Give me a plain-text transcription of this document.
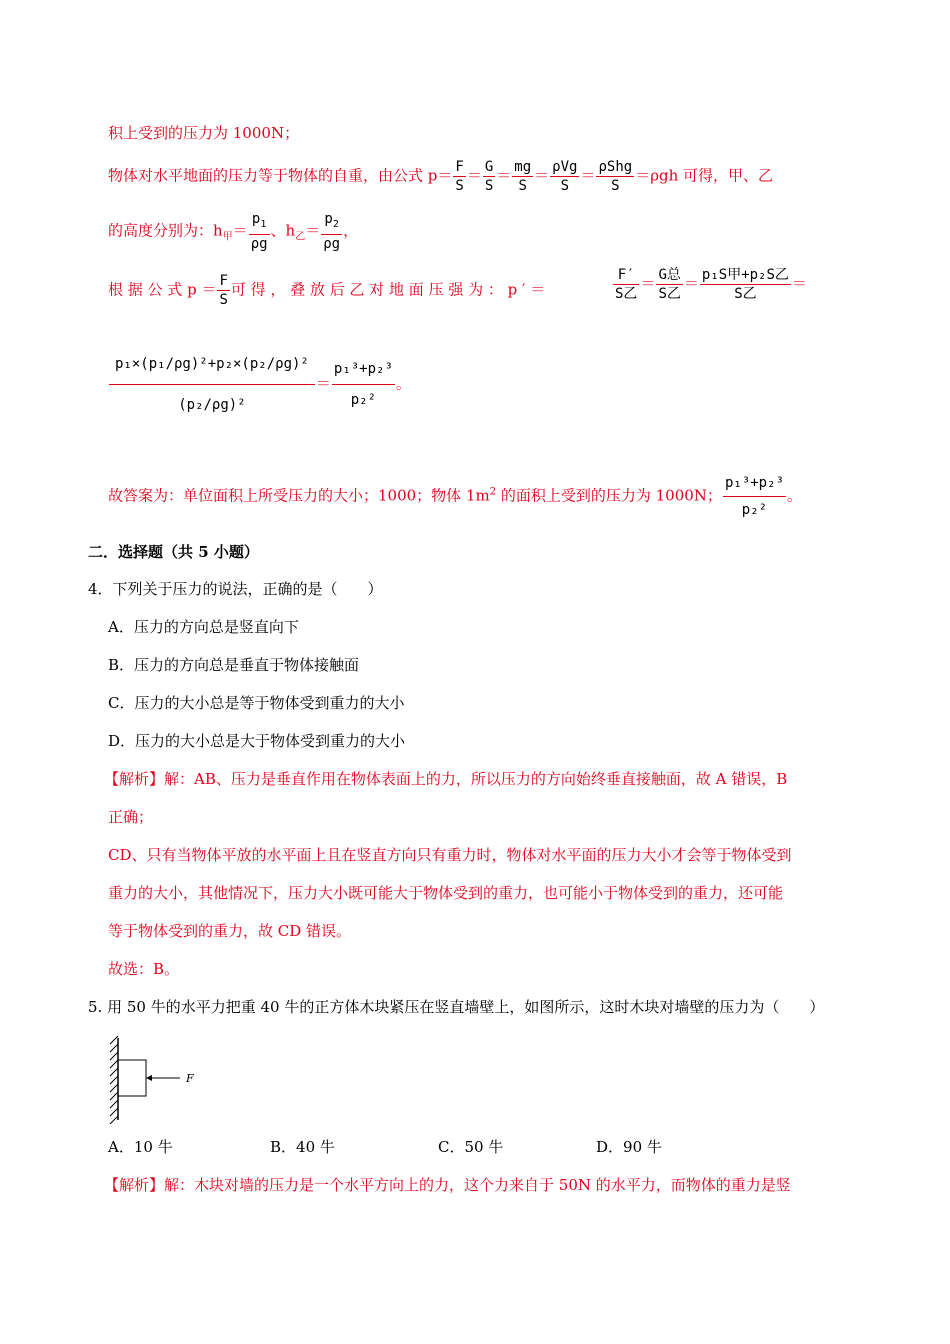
积上受到的压力为 1000N；
物体对水平地面的压力等于物体的自重，由公式 $p= \frac{F}{S} = \frac{G}{S} = \frac{mg}{S} = \frac{\text{ρVg}}{S} = \frac{\text{ρShg}}{S} =\rho gh$ 可得，甲、乙
的高度分别为：$h_甲= \frac{p_1}{\rho g}$ 、$h_乙= \frac{p_2}{\rho g}$ ，
根 据 公 式 $p = \frac{F}{S}$ 可 得 ， 叠 放 后 乙 对 地 面 压 强 为 ： p ′ ＝	$\frac{F'}{\text{S乙}} = \frac{\text{G总}}{\text{S乙}} = \frac{\text{p₁S甲+p₂S乙}}{\text{S乙}}$ ＝
$\frac{\text{p₁×(p₁/ρg)²+p₂×(p₂/ρg)²}}{\text{(p₂/ρg)²}} = \frac{\text{p₁³+p₂³}}{\text{p₂²}}$ 。
故答案为：单位面积上所受压力的大小；1000；物体 $1m^2$ 的面积上受到的压力为 1000N； $\frac{\text{p₁³+p₂³}}{\text{p₂²}}$ 。
二．选择题（共 5 小题）
4．下列关于压力的说法，正确的是（　　）
A．压力的方向总是竖直向下
B．压力的方向总是垂直于物体接触面
C．压力的大小总是等于物体受到重力的大小
D．压力的大小总是大于物体受到重力的大小
【解析】解：AB、压力是垂直作用在物体表面上的力，所以压力的方向始终垂直接触面，故 A 错误，B
正确；
CD、只有当物体平放的水平面上且在竖直方向只有重力时，物体对水平面的压力大小才会等于物体受到
重力的大小，其他情况下，压力大小既可能大于物体受到的重力，也可能小于物体受到的重力，还可能
等于物体受到的重力，故 CD 错误。
故选：B。
5. 用 50 牛的水平力把重 40 牛的正方体木块紧压在竖直墙壁上，如图所示，这时木块对墙壁的压力为（　　）
F
A．10 牛	B．40 牛	C．50 牛	D．90 牛
【解析】解：木块对墙的压力是一个水平方向上的力，这个力来自于 50N 的水平力，而物体的重力是竖
